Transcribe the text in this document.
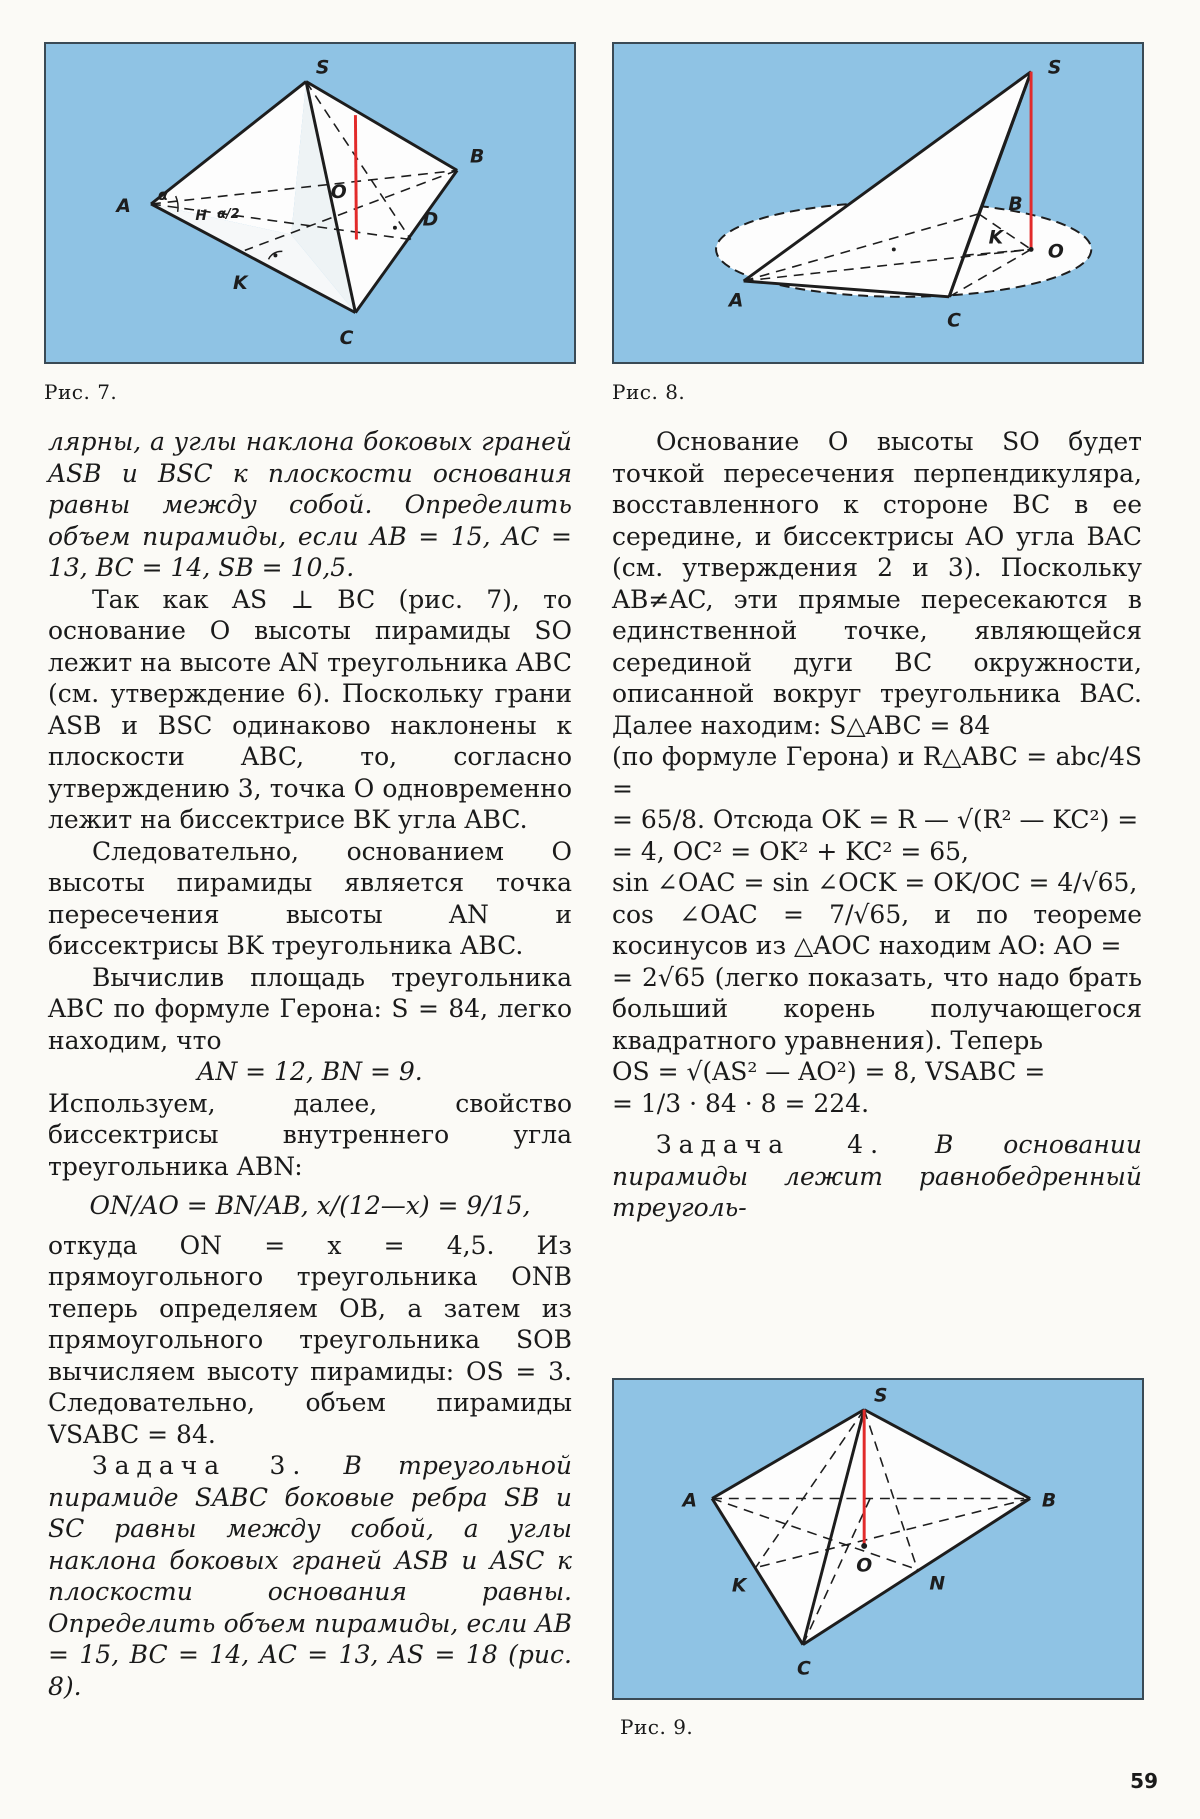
S
A
B
C
D
K
O
α
H α/2
Рис. 7.
S
A
B
C
K
O
Рис. 8.
S
A	B
C
K	N
O
Рис. 9.

лярны, а углы наклона боковых граней ASB и BSC к плоскости основания равны между собой. Определить объем пирамиды, если AB = 15, AC = 13, BC = 14, SB = 10,5.

Так как AS ⊥ BC (рис. 7), то основание O высоты пирамиды SO лежит на высоте AN треугольника ABC (см. утверждение 6). Поскольку грани ASB и BSC одинаково наклонены к плоскости ABC, то, согласно утверждению 3, точка O одновременно лежит на биссектрисе BK угла ABC.

Следовательно, основанием O высоты пирамиды является точка пересечения высоты AN и биссектрисы BK треугольника ABC.

Вычислив площадь треугольника ABC по формуле Герона: S = 84, легко находим, что

AN = 12, BN = 9.

Используем, далее, свойство биссектрисы внутреннего угла треугольника ABN:

ON/AO = BN/AB, x/(12—x) = 9/15,

откуда ON = x = 4,5. Из прямоугольного треугольника ONB теперь определяем OB, а затем из прямоугольного треугольника SOB вычисляем высоту пирамиды: OS = 3. Следовательно, объем пирамиды VSABC = 84.

Задача 3. В треугольной пирамиде SABC боковые ребра SB и SC равны между собой, а углы наклона боковых граней ASB и ASC к плоскости основания равны. Определить объем пирамиды, если AB = 15, BC = 14, AC = 13, AS = 18 (рис. 8).

Основание O высоты SO будет точкой пересечения перпендикуляра, восставленного к стороне BC в ее середине, и биссектрисы AO угла BAC (см. утверждения 2 и 3). Поскольку AB≠AC, эти прямые пересекаются в единственной точке, являющейся серединой дуги BC окружности, описанной вокруг треугольника BAC. Далее находим: S△ABC = 84

(по формуле Герона) и R△ABC = abc/4S =

= 65/8. Отсюда OK = R — √(R² — KC²) =

= 4, OC² = OK² + KC² = 65,

sin ∠OAC = sin ∠OCK = OK/OC = 4/√65,

cos ∠OAC = 7/√65, и по теореме косинусов из △AOC находим AO: AO =

= 2√65 (легко показать, что надо брать больший корень получающегося квадратного уравнения). Теперь

OS = √(AS² — AO²) = 8, VSABC =

= 1/3 · 84 · 8 = 224.

Задача 4. В основании пирамиды лежит равнобедренный треуголь-

59
